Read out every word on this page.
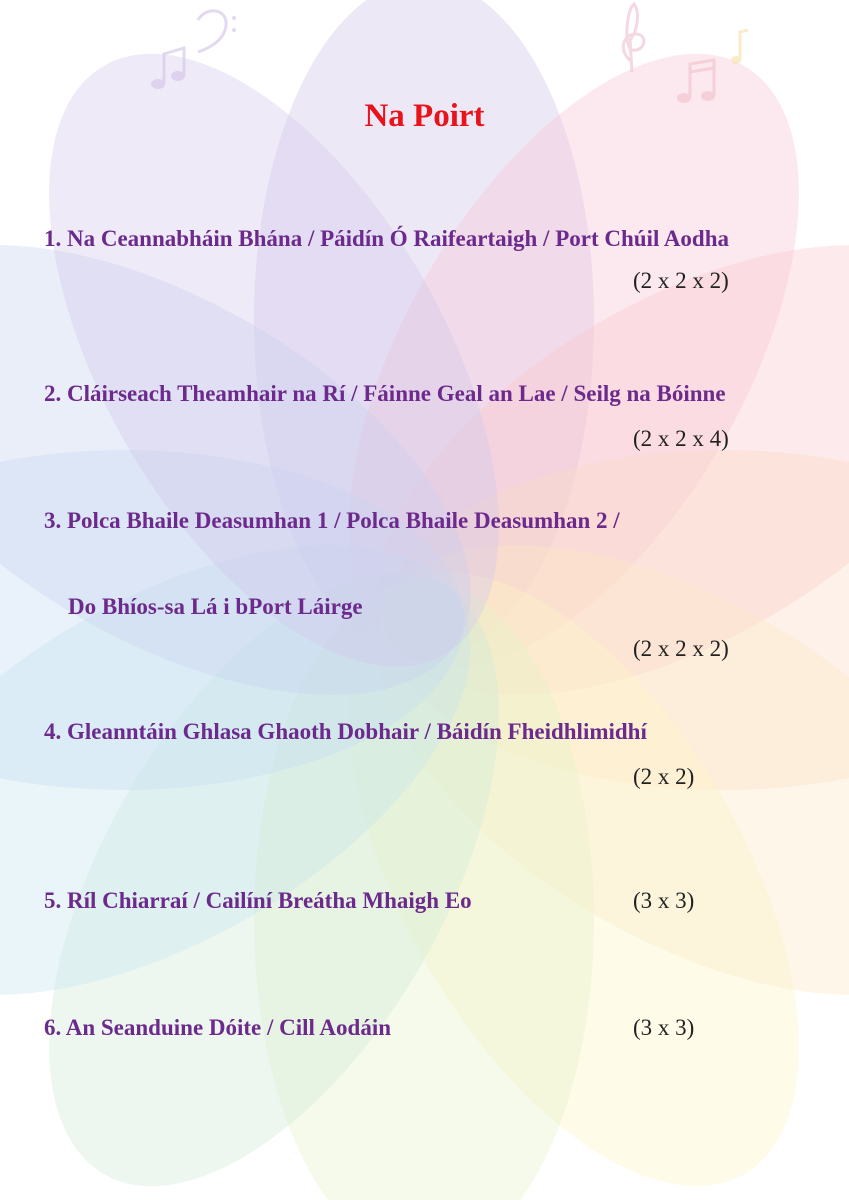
Na Poirt
1. Na Ceannabháin Bhána / Páidín Ó Raifeartaigh / Port Chúil Aodha
(2 x 2 x 2)
2. Cláirseach Theamhair na Rí / Fáinne Geal an Lae / Seilg na Bóinne
(2 x 2 x 4)
3. Polca Bhaile Deasumhan 1 / Polca Bhaile Deasumhan 2 /
Do Bhíos-sa Lá i bPort Láirge
(2 x 2 x 2)
4. Gleanntáin Ghlasa Ghaoth Dobhair / Báidín Fheidhlimidhí
(2 x 2)
5. Ríl Chiarraí / Cailíní Breátha Mhaigh Eo	(3 x 3)
6. An Seanduine Dóite / Cill Aodáin	(3 x 3)
